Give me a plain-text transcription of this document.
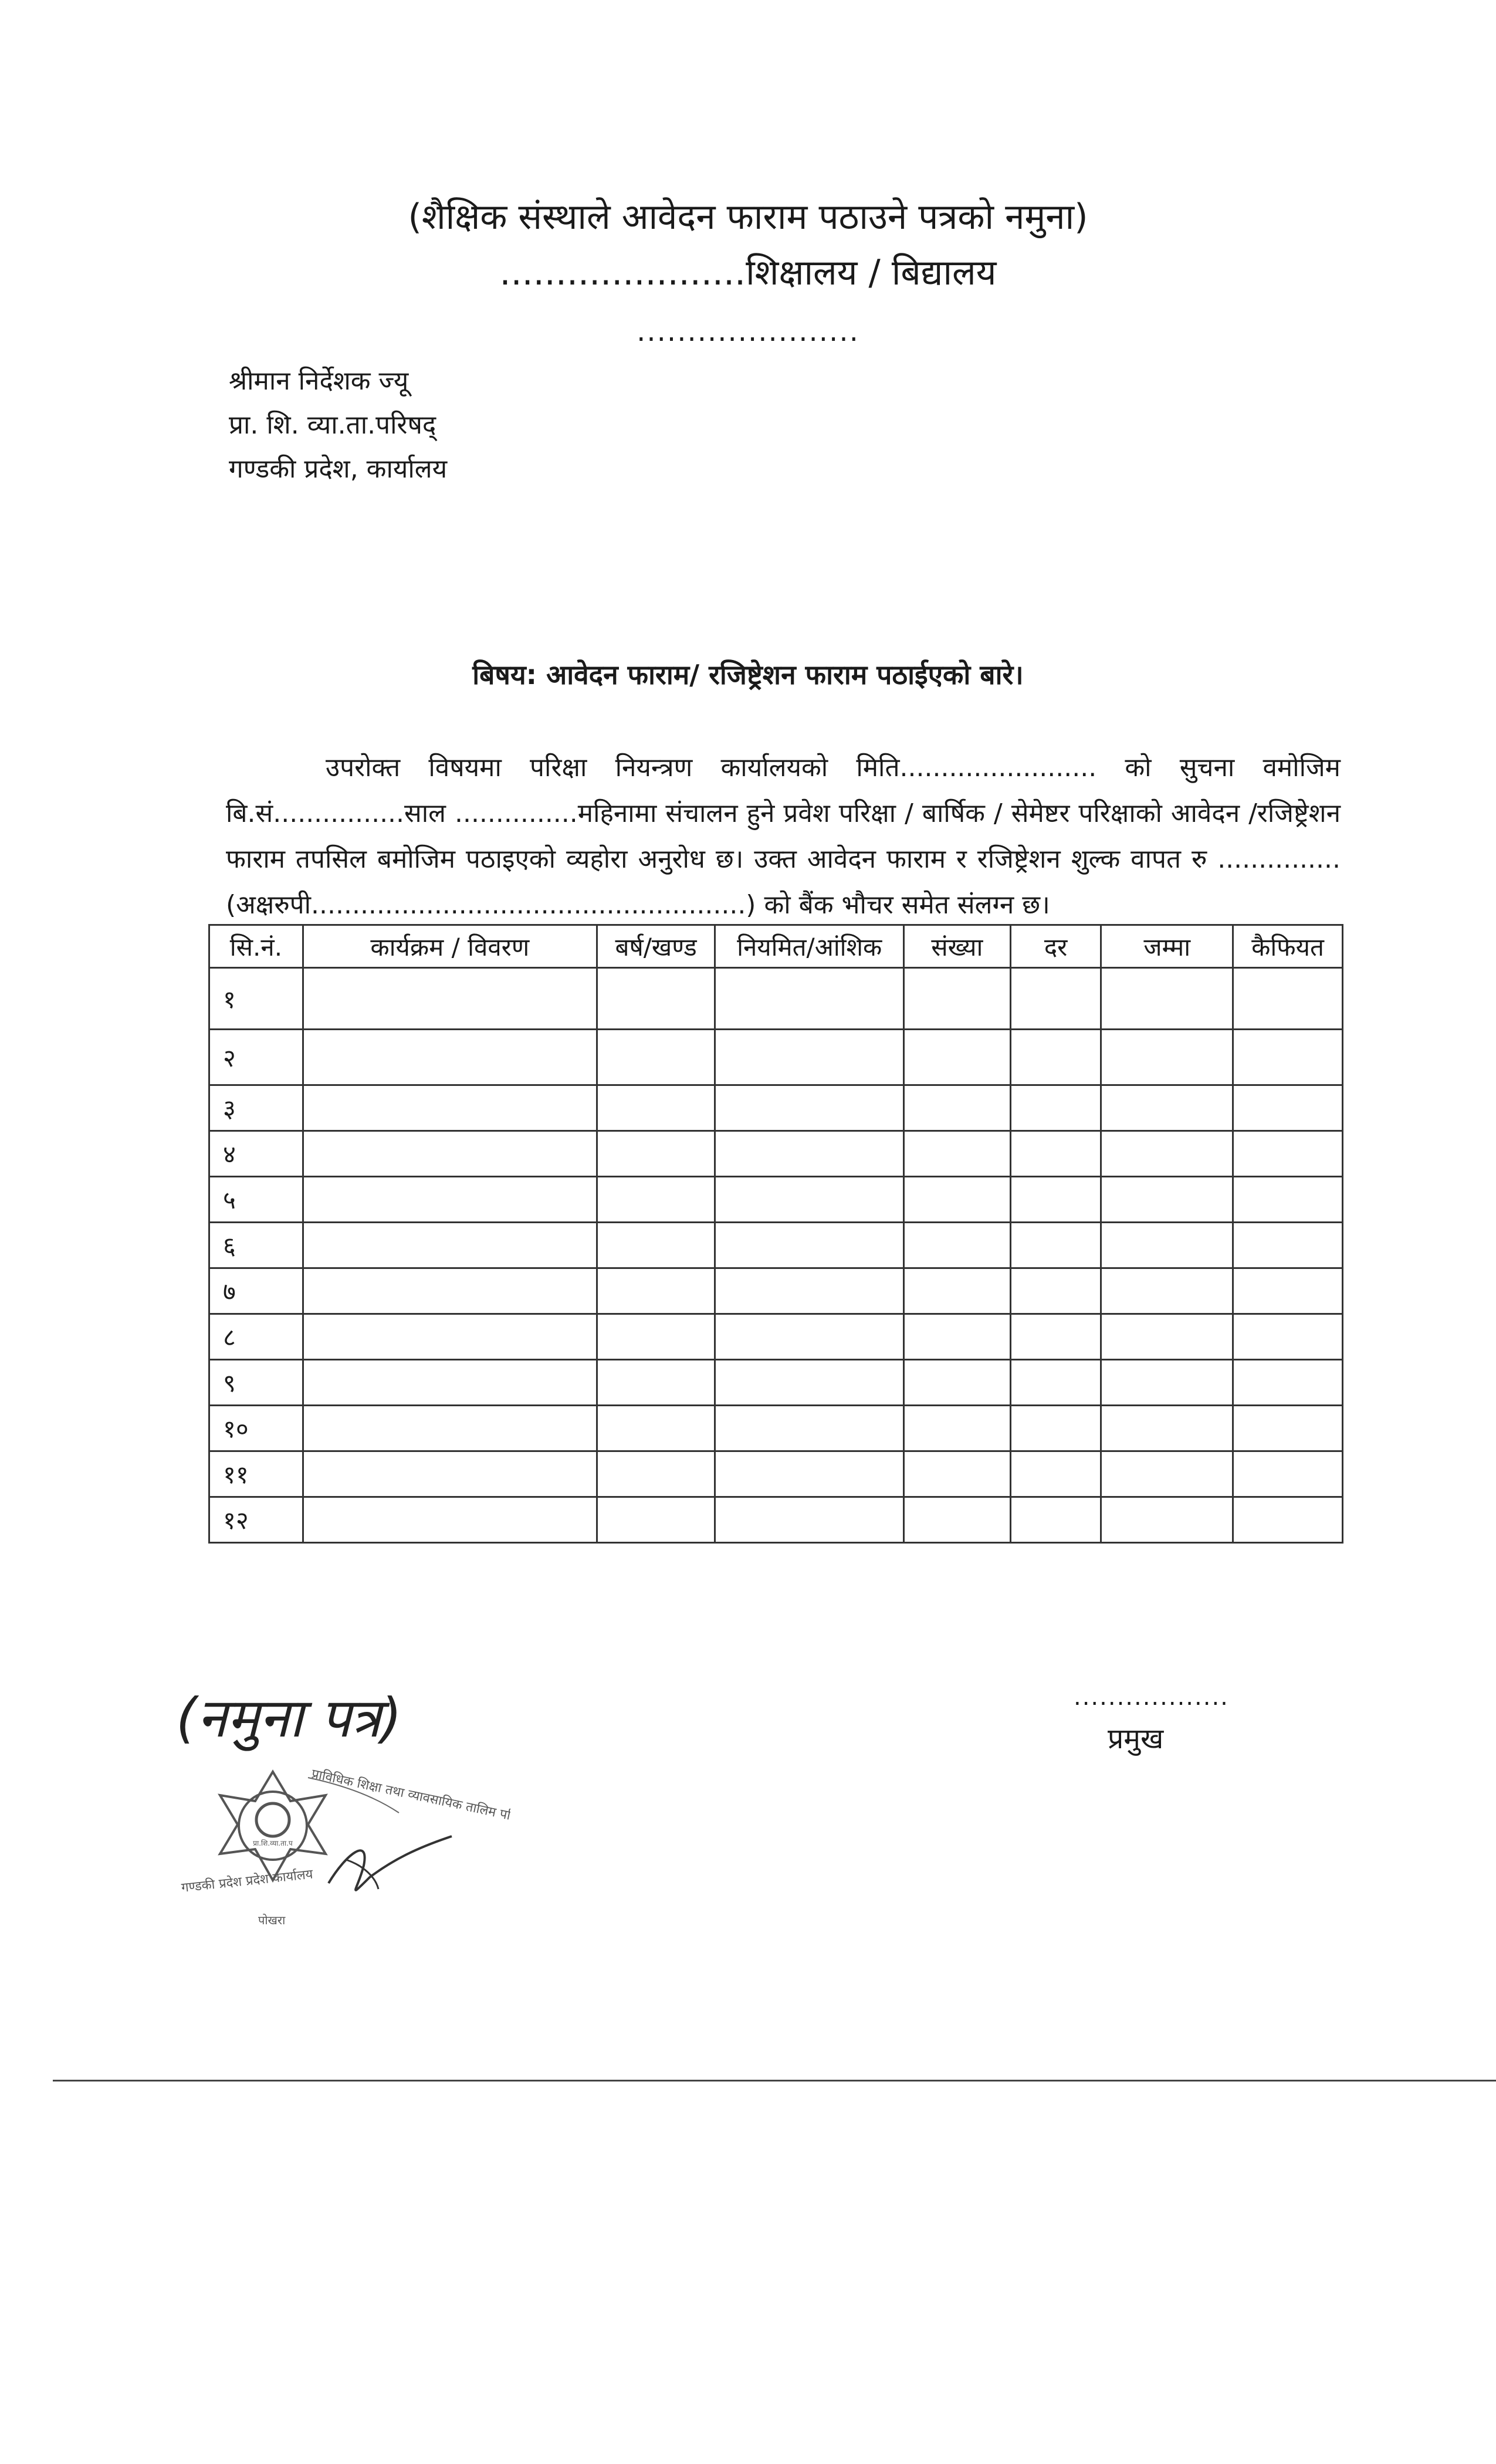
(शैक्षिक संस्थाले आवेदन फाराम पठाउने पत्रको नमुना)
......................शिक्षालय / बिद्यालय
......................
श्रीमान निर्देशक ज्यू
प्रा. शि. व्या.ता.परिषद्
गण्डकी प्रदेश, कार्यालय
बिषय: आवेदन फाराम/ रजिष्ट्रेशन फाराम पठाईएको बारे।
उपरोक्त विषयमा परिक्षा नियन्त्रण कार्यालयको मिति........................ को सुचना वमोजिम बि.सं................साल ...............महिनामा संचालन हुने प्रवेश परिक्षा / बार्षिक / सेमेष्टर परिक्षाको आवेदन /रजिष्ट्रेशन फाराम तपसिल बमोजिम पठाइएको व्यहोरा अनुरोध छ। उक्त आवेदन फाराम र रजिष्ट्रेशन शुल्क वापत रु ...............(अक्षरुपी.....................................................) को बैंक भौचर समेत संलग्न छ।
सि.नं.	कार्यक्रम / विवरण	बर्ष/खण्ड	नियमित/आंशिक	संख्या	दर	जम्मा	कैफियत
१							
२							
३							
४							
५							
६							
७							
८							
९							
१०							
११							
१२							
(नमुना पत्र)
प्रा.शि.व्या.ता.प
प्राविधिक शिक्षा तथा व्यावसायिक तालिम परिषद्
गण्डकी प्रदेश प्रदेश कार्यालय
पोखरा
..................
प्रमुख
